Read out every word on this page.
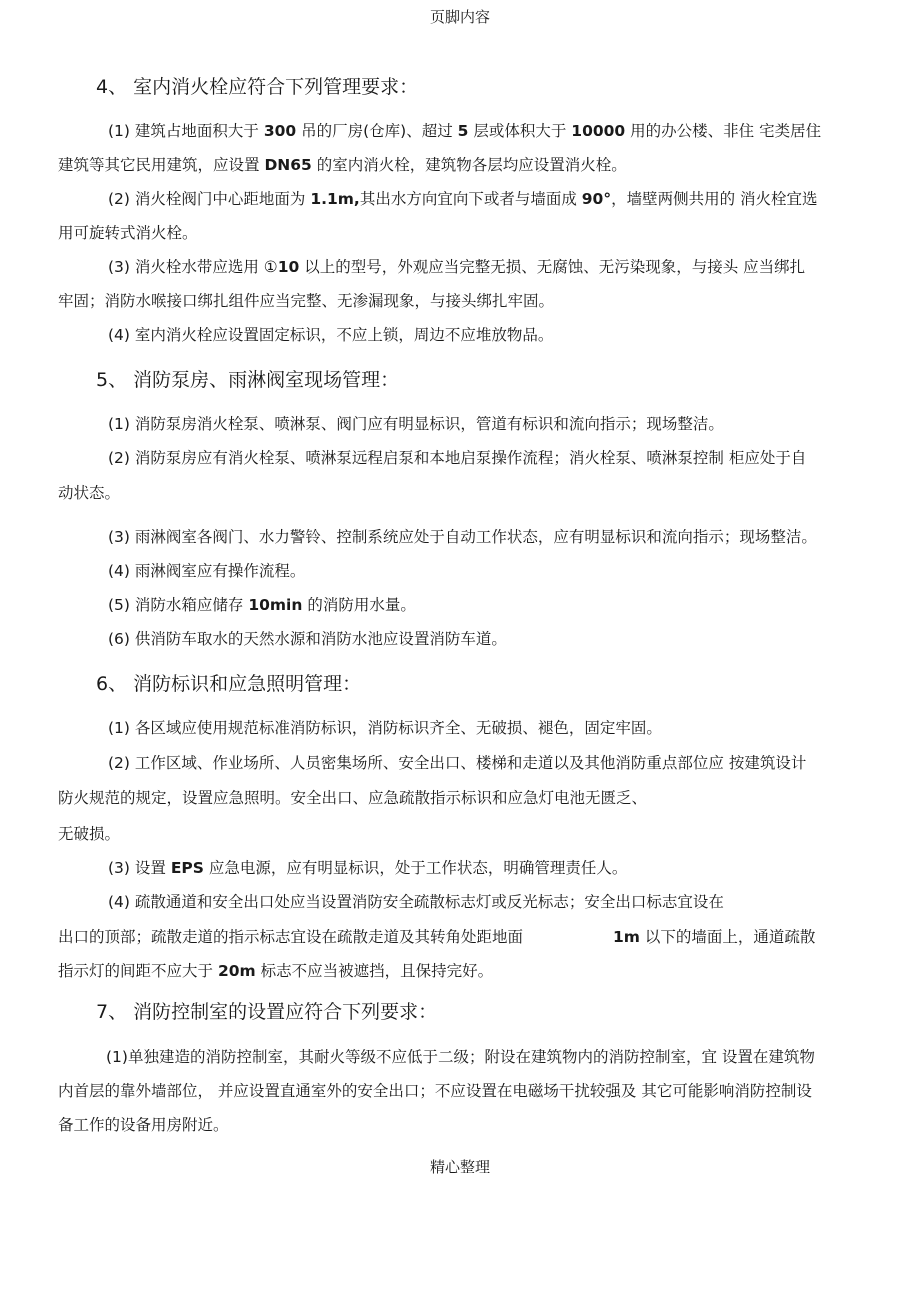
页脚内容
4、 室内消火栓应符合下列管理要求：
(1) 建筑占地面积大于 300 吊的厂房(仓库)、超过 5 层或体积大于 10000 用的办公楼、非住 宅类居住
建筑等其它民用建筑，应设置 DN65 的室内消火栓，建筑物各层均应设置消火栓。
(2) 消火栓阀门中心距地面为 1.1m,其出水方向宜向下或者与墙面成 90°，墙壁两侧共用的 消火栓宜选
用可旋转式消火栓。
(3) 消火栓水带应选用 ①10 以上的型号，外观应当完整无损、无腐蚀、无污染现象，与接头 应当绑扎
牢固；消防水喉接口绑扎组件应当完整、无渗漏现象，与接头绑扎牢固。
(4) 室内消火栓应设置固定标识，不应上锁，周边不应堆放物品。
5、 消防泵房、雨淋阀室现场管理：
(1) 消防泵房消火栓泵、喷淋泵、阀门应有明显标识，管道有标识和流向指示；现场整洁。
(2) 消防泵房应有消火栓泵、喷淋泵远程启泵和本地启泵操作流程；消火栓泵、喷淋泵控制 柜应处于自
动状态。
(3) 雨淋阀室各阀门、水力警铃、控制系统应处于自动工作状态，应有明显标识和流向指示；现场整洁。
(4) 雨淋阀室应有操作流程。
(5) 消防水箱应储存 10min 的消防用水量。
(6) 供消防车取水的天然水源和消防水池应设置消防车道。
6、 消防标识和应急照明管理：
(1) 各区域应使用规范标准消防标识，消防标识齐全、无破损、褪色，固定牢固。
(2) 工作区域、作业场所、人员密集场所、安全出口、楼梯和走道以及其他消防重点部位应 按建筑设计
防火规范的规定，设置应急照明。安全出口、应急疏散指示标识和应急灯电池无匮乏、
无破损。
(3) 设置 EPS 应急电源，应有明显标识，处于工作状态，明确管理责任人。
(4) 疏散通道和安全出口处应当设置消防安全疏散标志灯或反光标志；安全出口标志宜设在
出口的顶部；疏散走道的指示标志宜设在疏散走道及其转角处距地面	1m 以下的墙面上，通道疏散
指示灯的间距不应大于 20m 标志不应当被遮挡，且保持完好。
7、 消防控制室的设置应符合下列要求：
(1)单独建造的消防控制室，其耐火等级不应低于二级；附设在建筑物内的消防控制室，宜 设置在建筑物
内首层的靠外墙部位， 并应设置直通室外的安全出口；不应设置在电磁场干扰较强及 其它可能影响消防控制设
备工作的设备用房附近。
精心整理
